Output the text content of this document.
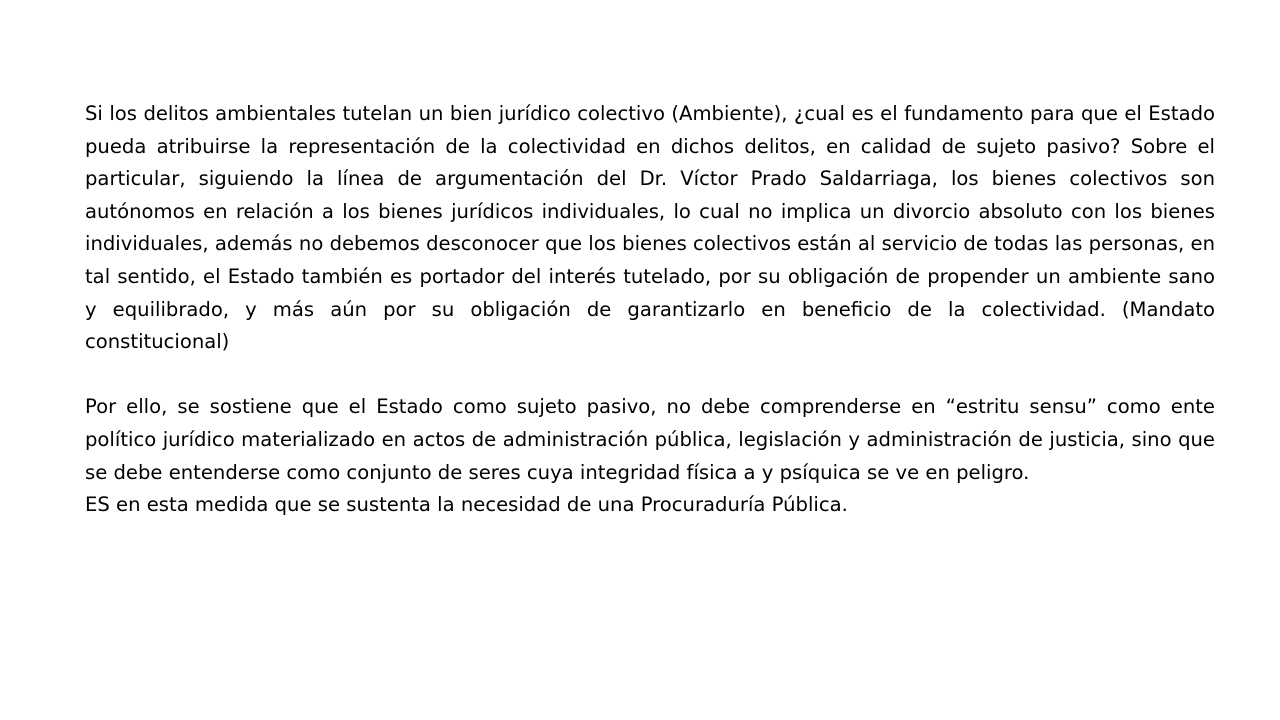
Si los delitos ambientales tutelan un bien jurídico colectivo (Ambiente), ¿cual es el fundamento para que el Estado pueda atribuirse la representación de la colectividad en dichos delitos, en calidad de sujeto pasivo? Sobre el particular, siguiendo la línea de argumentación del Dr. Víctor Prado Saldarriaga, los bienes colectivos son autónomos en relación a los bienes jurídicos individuales, lo cual no implica un divorcio absoluto con los bienes individuales, además no debemos desconocer que los bienes colectivos están al servicio de todas las personas, en tal sentido, el Estado también es portador del interés tutelado, por su obligación de propender un ambiente sano y equilibrado, y más aún por su obligación de garantizarlo en beneficio de la colectividad. (Mandato constitucional)

Por ello, se sostiene que el Estado como sujeto pasivo, no debe comprenderse en “estritu sensu” como ente político jurídico materializado en actos de administración pública, legislación y administración de justicia, sino que se debe entenderse como conjunto de seres cuya integridad física a y psíquica se ve en peligro.

ES en esta medida que se sustenta la necesidad de una Procuraduría Pública.
